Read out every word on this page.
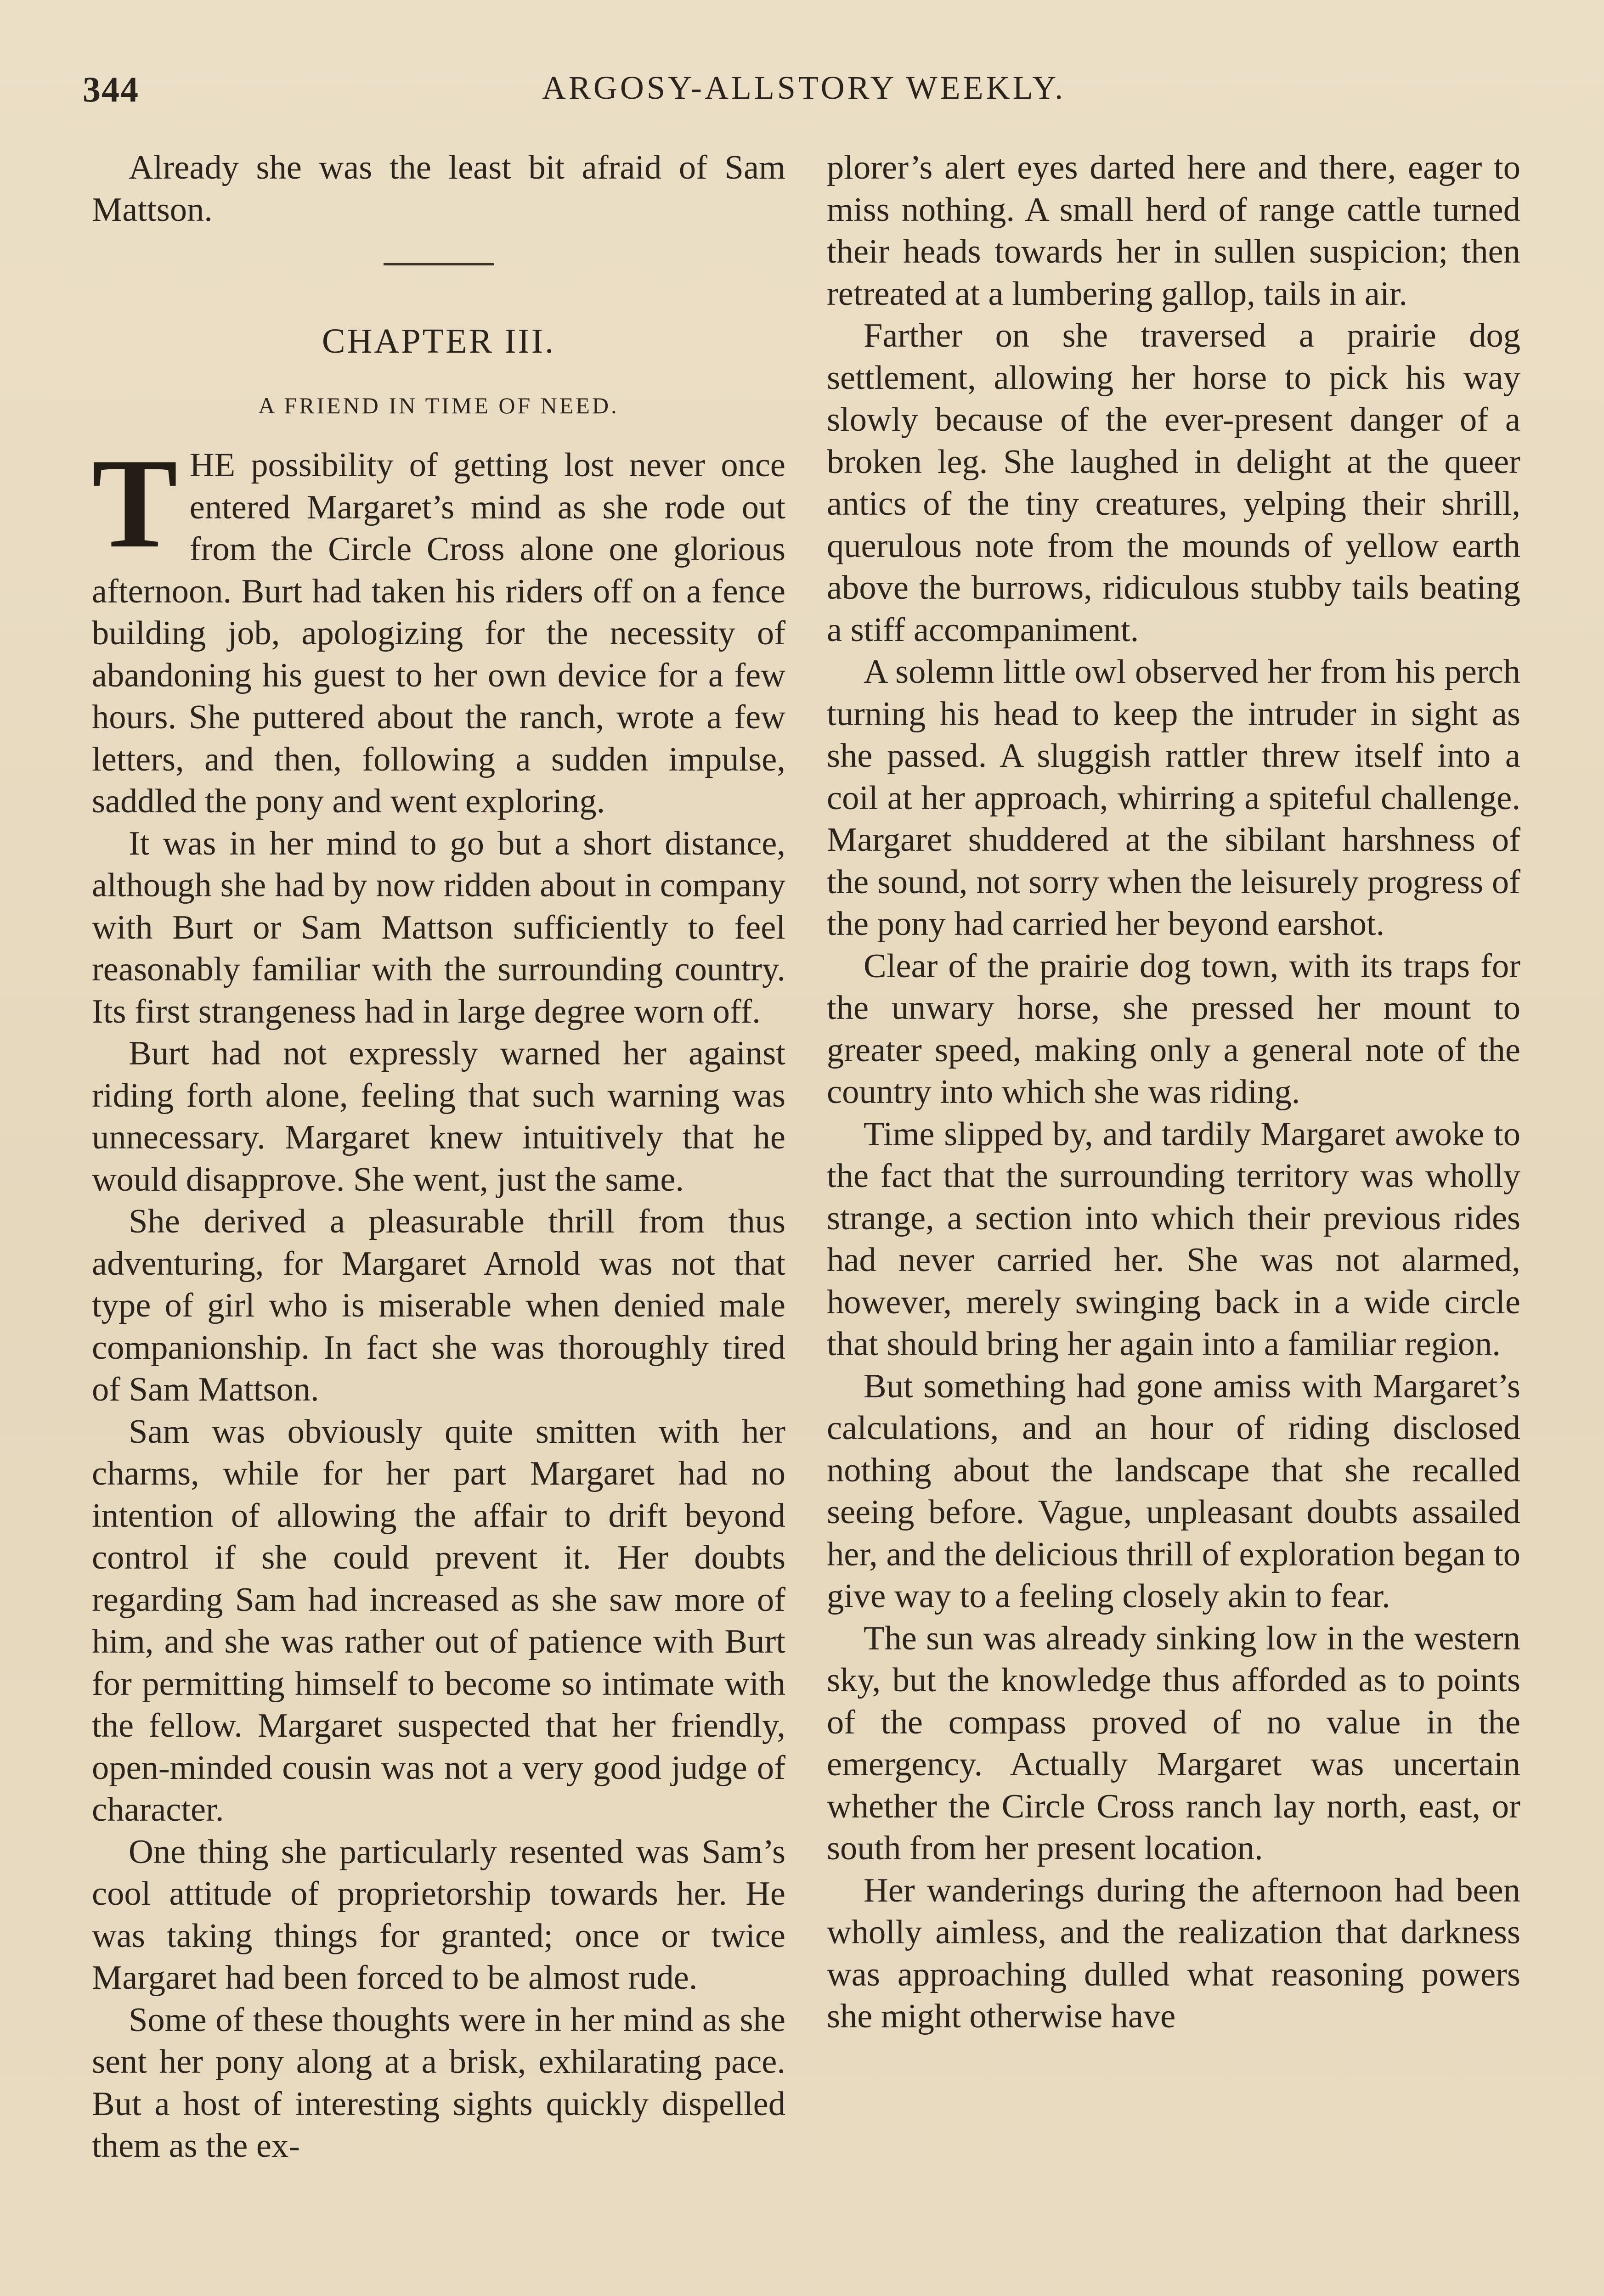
344	ARGOSY-ALLSTORY WEEKLY.

Already she was the least bit afraid of Sam Mattson.

CHAPTER III.
A FRIEND IN TIME OF NEED.

THE possibility of getting lost never once entered Margaret’s mind as she rode out from the Circle Cross alone one glorious afternoon. Burt had taken his riders off on a fence building job, apologizing for the necessity of abandoning his guest to her own device for a few hours. She puttered about the ranch, wrote a few letters, and then, following a sudden impulse, saddled the pony and went exploring.

It was in her mind to go but a short distance, although she had by now ridden about in company with Burt or Sam Mattson sufficiently to feel reasonably familiar with the surrounding country. Its first strangeness had in large degree worn off.

Burt had not expressly warned her against riding forth alone, feeling that such warning was unnecessary. Margaret knew intuitively that he would disapprove. She went, just the same.

She derived a pleasurable thrill from thus adventuring, for Margaret Arnold was not that type of girl who is miserable when denied male companionship. In fact she was thoroughly tired of Sam Mattson.

Sam was obviously quite smitten with her charms, while for her part Margaret had no intention of allowing the affair to drift beyond control if she could prevent it. Her doubts regarding Sam had increased as she saw more of him, and she was rather out of patience with Burt for permitting himself to become so intimate with the fellow. Margaret suspected that her friendly, open-minded cousin was not a very good judge of character.

One thing she particularly resented was Sam’s cool attitude of proprietorship towards her. He was taking things for granted; once or twice Margaret had been forced to be almost rude.

Some of these thoughts were in her mind as she sent her pony along at a brisk, exhilarating pace. But a host of interesting sights quickly dispelled them as the ex-

plorer’s alert eyes darted here and there, eager to miss nothing. A small herd of range cattle turned their heads towards her in sullen suspicion; then retreated at a lumbering gallop, tails in air.

Farther on she traversed a prairie dog settlement, allowing her horse to pick his way slowly because of the ever-present danger of a broken leg. She laughed in delight at the queer antics of the tiny creatures, yelping their shrill, querulous note from the mounds of yellow earth above the burrows, ridiculous stubby tails beating a stiff accompaniment.

A solemn little owl observed her from his perch turning his head to keep the intruder in sight as she passed. A sluggish rattler threw itself into a coil at her approach, whirring a spiteful challenge. Margaret shuddered at the sibilant harshness of the sound, not sorry when the leisurely progress of the pony had carried her beyond earshot.

Clear of the prairie dog town, with its traps for the unwary horse, she pressed her mount to greater speed, making only a general note of the country into which she was riding.

Time slipped by, and tardily Margaret awoke to the fact that the surrounding territory was wholly strange, a section into which their previous rides had never carried her. She was not alarmed, however, merely swinging back in a wide circle that should bring her again into a familiar region.

But something had gone amiss with Margaret’s calculations, and an hour of riding disclosed nothing about the landscape that she recalled seeing before. Vague, unpleasant doubts assailed her, and the delicious thrill of exploration began to give way to a feeling closely akin to fear.

The sun was already sinking low in the western sky, but the knowledge thus afforded as to points of the compass proved of no value in the emergency. Actually Margaret was uncertain whether the Circle Cross ranch lay north, east, or south from her present location.

Her wanderings during the afternoon had been wholly aimless, and the realization that darkness was approaching dulled what reasoning powers she might otherwise have
